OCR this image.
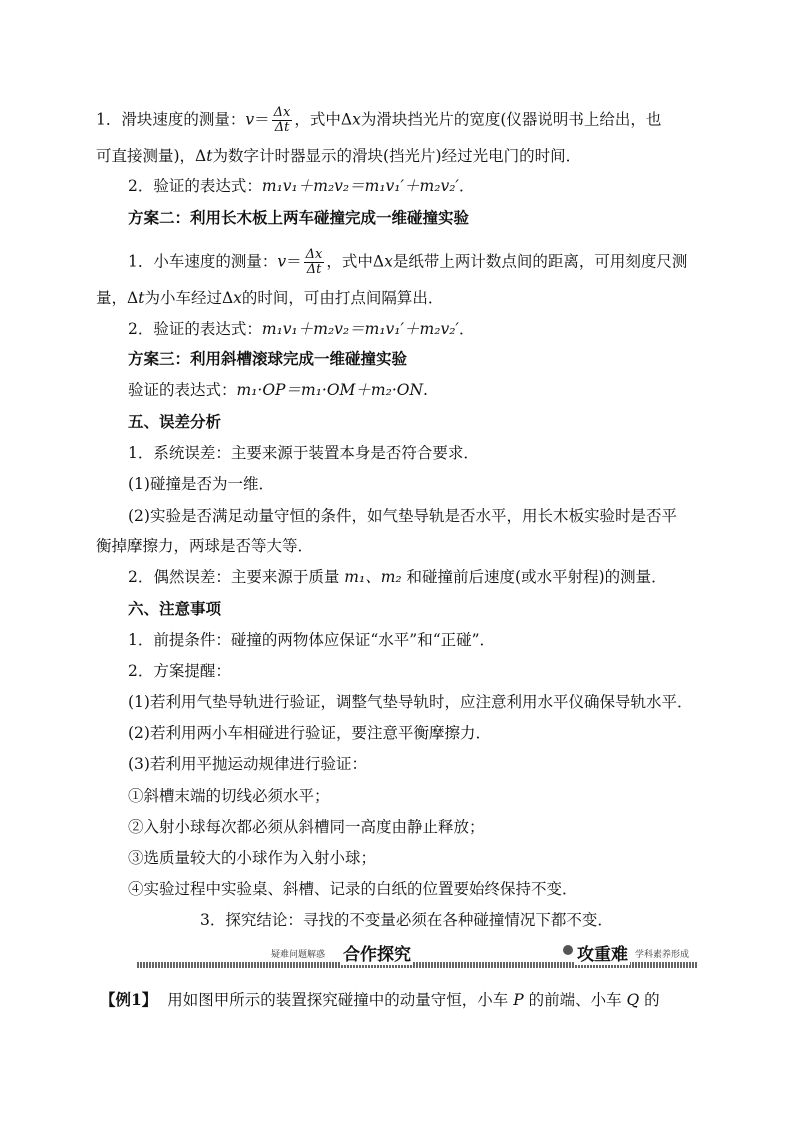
1．滑块速度的测量：$v= \frac{\Delta x}{\Delta t}$ ，式中Δx为滑块挡光片的宽度(仪器说明书上给出，也
可直接测量)，Δt为数字计时器显示的滑块(挡光片)经过光电门的时间．
2．验证的表达式：m₁v₁＋m₂v₂＝m₁v₁′＋m₂v₂′．
方案二：利用长木板上两车碰撞完成一维碰撞实验
1．小车速度的测量：$v= \frac{\Delta x}{\Delta t}$ ，式中Δx是纸带上两计数点间的距离，可用刻度尺测
量，Δt为小车经过Δx的时间，可由打点间隔算出．
2．验证的表达式：m₁v₁＋m₂v₂＝m₁v₁′＋m₂v₂′．
方案三：利用斜槽滚球完成一维碰撞实验
验证的表达式：m₁·OP＝m₁·OM＋m₂·ON.
五、误差分析
1．系统误差：主要来源于装置本身是否符合要求．
(1)碰撞是否为一维．
(2)实验是否满足动量守恒的条件，如气垫导轨是否水平，用长木板实验时是否平
衡掉摩擦力，两球是否等大等．
2．偶然误差：主要来源于质量 m₁、m₂ 和碰撞前后速度(或水平射程)的测量．
六、注意事项
1．前提条件：碰撞的两物体应保证“水平”和“正碰”．
2．方案提醒：
(1)若利用气垫导轨进行验证，调整气垫导轨时，应注意利用水平仪确保导轨水平．
(2)若利用两小车相碰进行验证，要注意平衡摩擦力．
(3)若利用平抛运动规律进行验证：
①斜槽末端的切线必须水平；
②入射小球每次都必须从斜槽同一高度由静止释放；
③选质量较大的小球作为入射小球；
④实验过程中实验桌、斜槽、记录的白纸的位置要始终保持不变．
3．探究结论：寻找的不变量必须在各种碰撞情况下都不变．
疑难问题解惑 合作探究	攻重难 学科素养形成
【例1】 用如图甲所示的装置探究碰撞中的动量守恒，小车 P 的前端、小车 Q 的
